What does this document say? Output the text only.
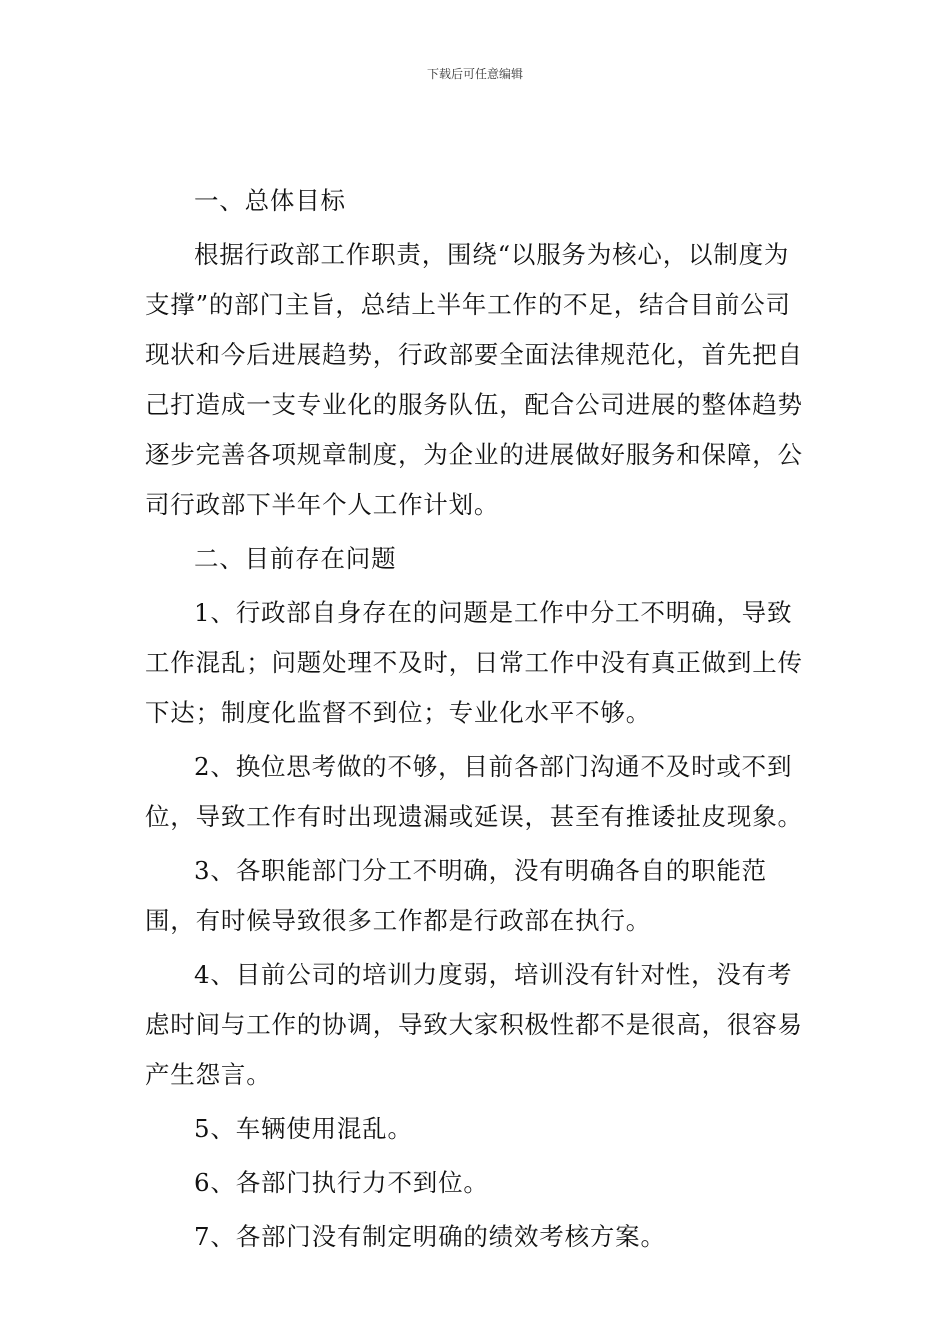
下载后可任意编辑

一、总体目标

根据行政部工作职责，围绕“以服务为核心，以制度为支撑”的部门主旨，总结上半年工作的不足，结合目前公司现状和今后进展趋势，行政部要全面法律规范化，首先把自己打造成一支专业化的服务队伍，配合公司进展的整体趋势逐步完善各项规章制度，为企业的进展做好服务和保障，公司行政部下半年个人工作计划。

二、目前存在问题

1、行政部自身存在的问题是工作中分工不明确，导致工作混乱；问题处理不及时，日常工作中没有真正做到上传下达；制度化监督不到位；专业化水平不够。

2、换位思考做的不够，目前各部门沟通不及时或不到位，导致工作有时出现遗漏或延误，甚至有推诿扯皮现象。

3、各职能部门分工不明确，没有明确各自的职能范围，有时候导致很多工作都是行政部在执行。

4、目前公司的培训力度弱，培训没有针对性，没有考虑时间与工作的协调，导致大家积极性都不是很高，很容易产生怨言。

5、车辆使用混乱。

6、各部门执行力不到位。

7、各部门没有制定明确的绩效考核方案。
